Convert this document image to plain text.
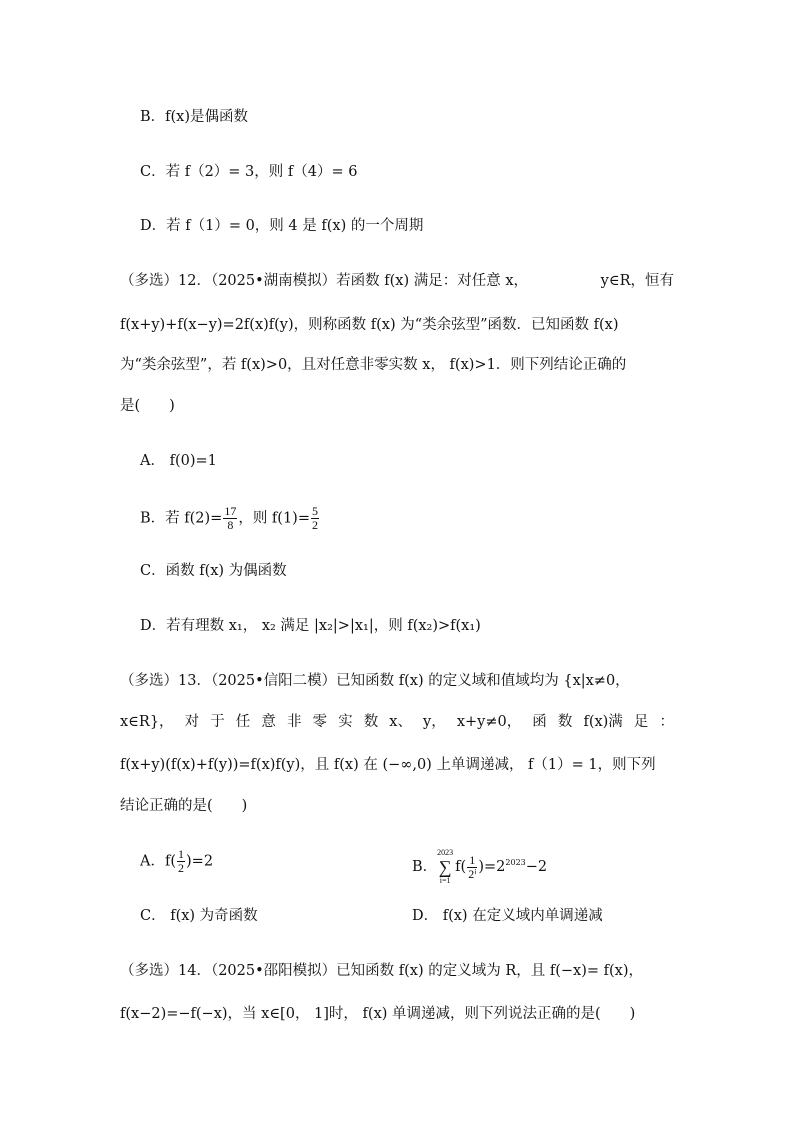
B．f(x)是偶函数
C．若 f（2）= 3，则 f（4）= 6
D．若 f（1）= 0，则 4 是 f(x) 的一个周期
（多选）12．（2025•湖南模拟）若函数 f(x) 满足：对任意 x，	y∈R，恒有
f(x+y)+f(x−y)=2f(x)f(y)，则称函数 f(x) 为“类余弦型”函数．已知函数 f(x)
为“类余弦型”，若 f(x)>0，且对任意非零实数 x， f(x)>1．则下列结论正确的
是(　　)
A． f(0)=1
B．若 $f(2)= \frac{17}{8}$ ，则 $f(1)= \frac{5}{2}$
C．函数 f(x) 为偶函数
D．若有理数 x₁， x₂ 满足 |x₂|>|x₁|，则 f(x₂)>f(x₁)
（多选）13．（2025•信阳二模）已知函数 f(x) 的定义域和值域均为 {x|x≠0，
x∈R}， 对 于 任 意 非 零 实 数 x、 y， x+y≠0， 函 数 f(x)满 足 ：
f(x+y)(f(x)+f(y))=f(x)f(y)，且 f(x) 在 (−∞,0) 上单调递减， f（1）= 1，则下列
结论正确的是(　　)
A．$f( \frac{1}{2} )=2$	B．
2023
∑
i=1
$f( \frac{1}{\text{2ⁱ}} )=2^{2023}-2$
C． f(x) 为奇函数	D． f(x) 在定义域内单调递减
（多选）14．（2025•邵阳模拟）已知函数 f(x) 的定义域为 R，且 f(−x)= f(x)，
f(x−2)=−f(−x)，当 x∈[0， 1]时， f(x) 单调递减，则下列说法正确的是(　　)
